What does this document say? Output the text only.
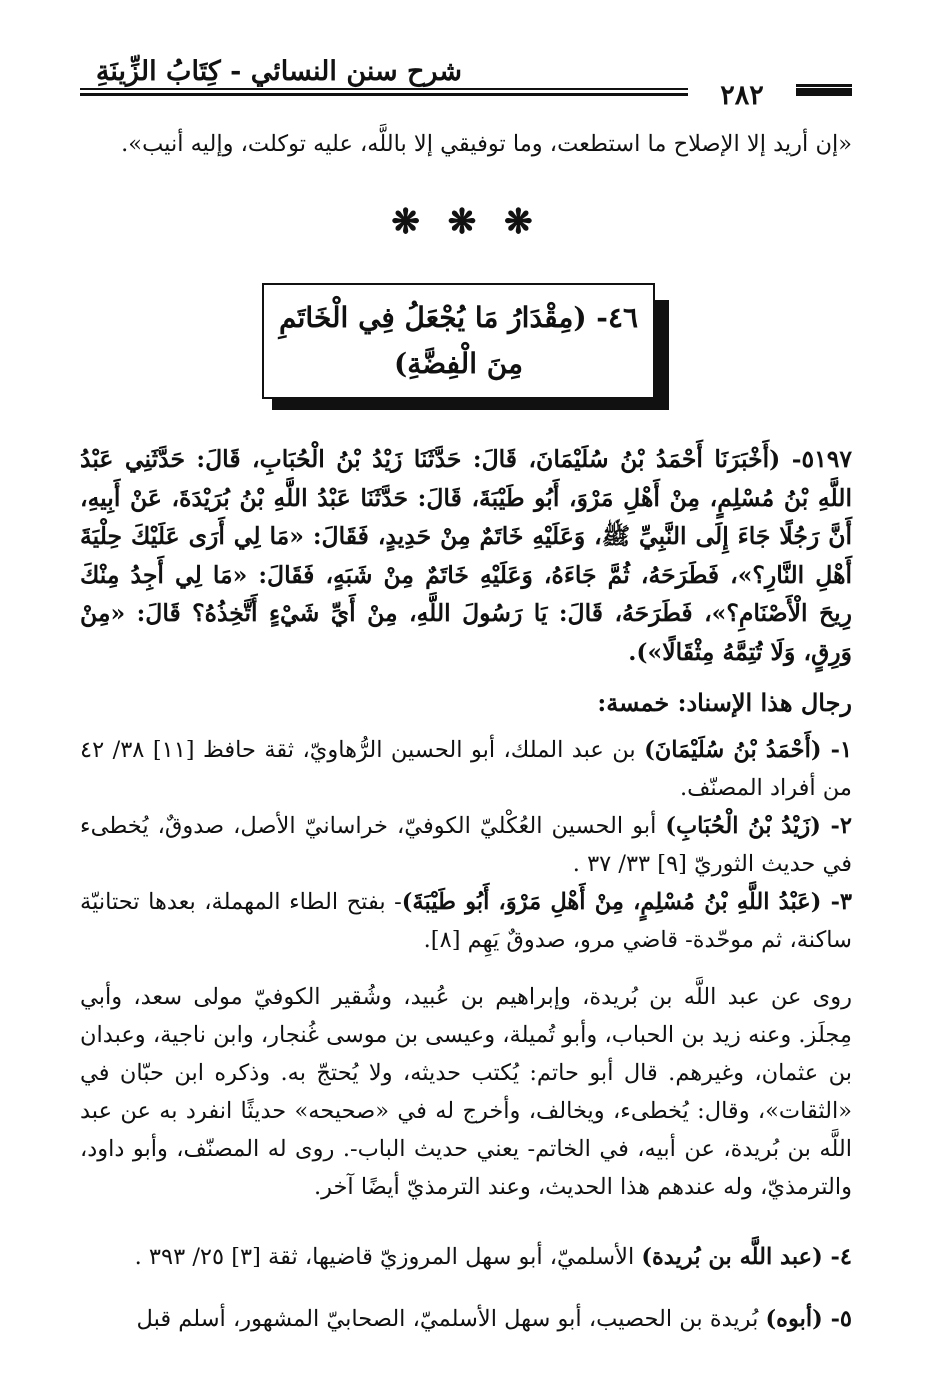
شرح سنن النسائي - كِتَابُ الزِّينَةِ
٢٨٢
«إن أريد إلا الإصلاح ما استطعت، وما توفيقي إلا باللَّه، عليه توكلت، وإليه أنيب».
❋ ❋ ❋
٤٦- (مِقْدَارُ مَا يُجْعَلُ فِي الْخَاتَمِ
مِنَ الْفِضَّةِ)
٥١٩٧- (أَخْبَرَنَا أَحْمَدُ بْنُ سُلَيْمَانَ، قَالَ: حَدَّثَنَا زَيْدُ بْنُ الْحُبَابِ، قَالَ: حَدَّثَنِي عَبْدُ اللَّهِ بْنُ مُسْلِمٍ، مِنْ أَهْلِ مَرْوَ، أَبُو طَيْبَةَ، قَالَ: حَدَّثَنَا عَبْدُ اللَّهِ بْنُ بُرَيْدَةَ، عَنْ أَبِيهِ، أَنَّ رَجُلًا جَاءَ إِلَى النَّبِيِّ ﷺ، وَعَلَيْهِ خَاتَمٌ مِنْ حَدِيدٍ، فَقَالَ: «مَا لِي أَرَى عَلَيْكَ حِلْيَةَ أَهْلِ النَّارِ؟»، فَطَرَحَهُ، ثُمَّ جَاءَهُ، وَعَلَيْهِ خَاتَمٌ مِنْ شَبَهٍ، فَقَالَ: «مَا لِي أَجِدُ مِنْكَ رِيحَ الْأَصْنَامِ؟»، فَطَرَحَهُ، قَالَ: يَا رَسُولَ اللَّهِ، مِنْ أَيِّ شَيْءٍ أَتَّخِذُهُ؟ قَالَ: «مِنْ وَرِقٍ، وَلَا تُتِمَّهُ مِثْقَالًا»).
رجال هذا الإسناد: خمسة:

١- (أَحْمَدُ بْنُ سُلَيْمَانَ) بن عبد الملك، أبو الحسين الرُّهاويّ، ثقة حافظ [١١] ٣٨/ ٤٢ من أفراد المصنّف.

٢- (زَيْدُ بْنُ الْحُبَابِ) أبو الحسين العُكْليّ الكوفيّ، خراسانيّ الأصل، صدوقٌ، يُخطىء في حديث الثوريّ [٩] ٣٣/ ٣٧ .

٣- (عَبْدُ اللَّهِ بْنُ مُسْلِمٍ، مِنْ أَهْلِ مَرْوَ، أَبُو طَيْبَةَ)- بفتح الطاء المهملة، بعدها تحتانيّة ساكنة، ثم موحّدة- قاضي مرو، صدوقٌ يَهِم [٨].

روى عن عبد اللَّه بن بُريدة، وإبراهيم بن عُبيد، وشُقير الكوفيّ مولى سعد، وأبي مِجلَز. وعنه زيد بن الحباب، وأبو تُميلة، وعيسى بن موسى غُنجار، وابن ناجية، وعبدان بن عثمان، وغيرهم. قال أبو حاتم: يُكتب حديثه، ولا يُحتجّ به. وذكره ابن حبّان في «الثقات»، وقال: يُخطىء، ويخالف، وأخرج له في «صحيحه» حديثًا انفرد به عن عبد اللَّه بن بُريدة، عن أبيه، في الخاتم- يعني حديث الباب-. روى له المصنّف، وأبو داود، والترمذيّ، وله عندهم هذا الحديث، وعند الترمذيّ أيضًا آخر.

٤- (عبد اللَّه بن بُريدة) الأسلميّ، أبو سهل المروزيّ قاضيها، ثقة [٣] ٢٥/ ٣٩٣ .

٥- (أبوه) بُريدة بن الحصيب، أبو سهل الأسلميّ، الصحابيّ المشهور، أسلم قبل
